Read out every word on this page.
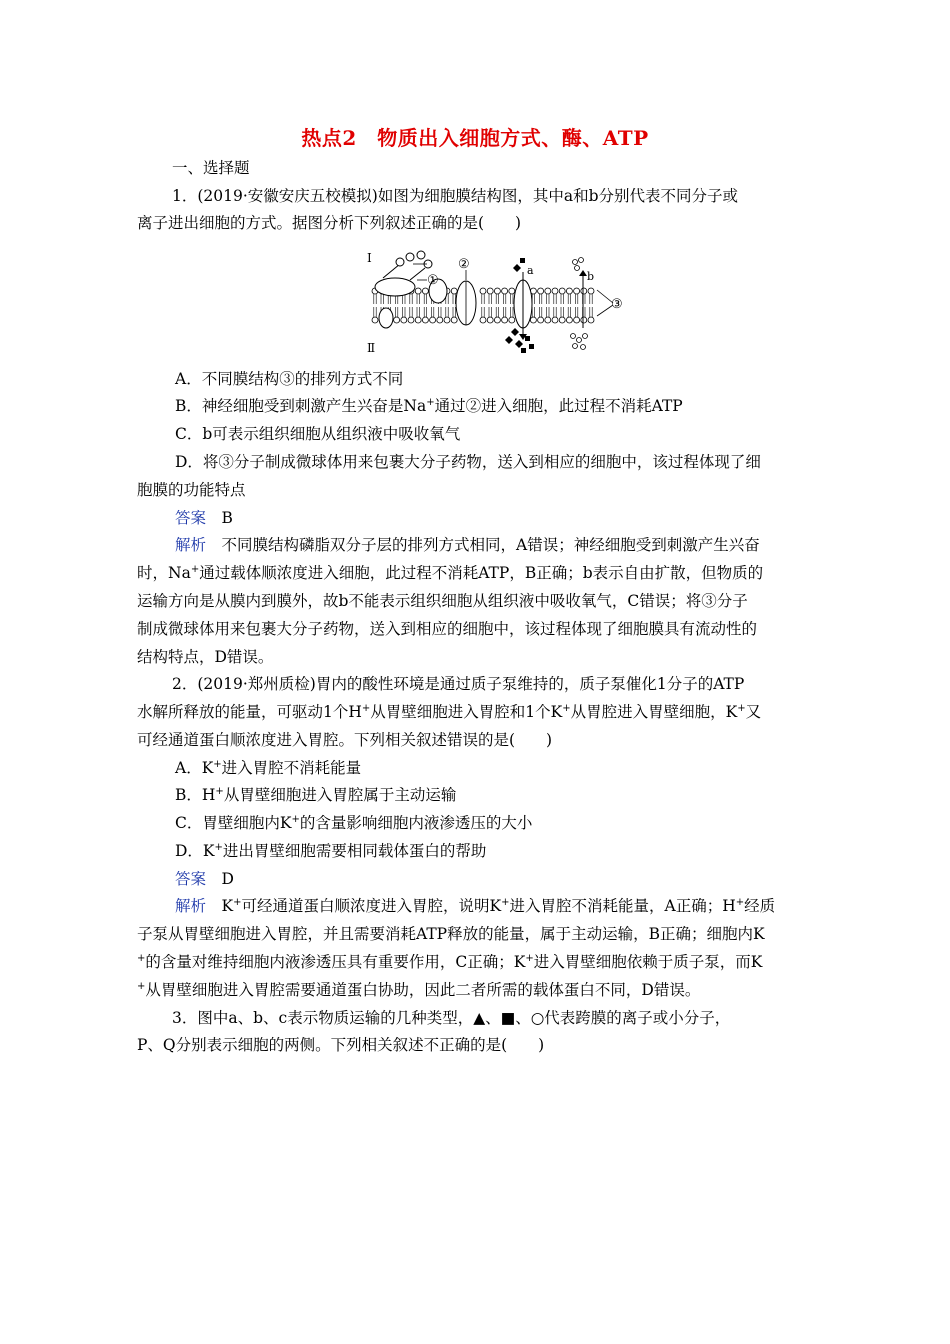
热点2　物质出入细胞方式、酶、ATP
一、选择题
1．(2019·安徽安庆五校模拟)如图为细胞膜结构图，其中a和b分别代表不同分子或
离子进出细胞的方式。据图分析下列叙述正确的是(　　)
Ⅰ
Ⅱ
①
②
③
a	b
A．不同膜结构③的排列方式不同
B．神经细胞受到刺激产生兴奋是Na+通过②进入细胞，此过程不消耗ATP
C．b可表示组织细胞从组织液中吸收氧气
D．将③分子制成微球体用来包裹大分子药物，送入到相应的细胞中，该过程体现了细
胞膜的功能特点
答案　 B
解析　 不同膜结构磷脂双分子层的排列方式相同，A错误；神经细胞受到刺激产生兴奋
时，Na+通过载体顺浓度进入细胞，此过程不消耗ATP，B正确；b表示自由扩散，但物质的
运输方向是从膜内到膜外，故b不能表示组织细胞从组织液中吸收氧气，C错误；将③分子
制成微球体用来包裹大分子药物，送入到相应的细胞中，该过程体现了细胞膜具有流动性的
结构特点，D错误。
2．(2019·郑州质检)胃内的酸性环境是通过质子泵维持的，质子泵催化1分子的ATP
水解所释放的能量，可驱动1个H+从胃壁细胞进入胃腔和1个K+从胃腔进入胃壁细胞，K+又
可经通道蛋白顺浓度进入胃腔。下列相关叙述错误的是(　　)
A．K+进入胃腔不消耗能量
B．H+从胃壁细胞进入胃腔属于主动运输
C．胃壁细胞内K+的含量影响细胞内液渗透压的大小
D．K+进出胃壁细胞需要相同载体蛋白的帮助
答案　 D
解析　 K+可经通道蛋白顺浓度进入胃腔，说明K+进入胃腔不消耗能量，A正确；H+经质
子泵从胃壁细胞进入胃腔，并且需要消耗ATP释放的能量，属于主动运输，B正确；细胞内K
+的含量对维持细胞内液渗透压具有重要作用，C正确；K+进入胃壁细胞依赖于质子泵，而K
+从胃壁细胞进入胃腔需要通道蛋白协助，因此二者所需的载体蛋白不同，D错误。
3．图中a、b、c表示物质运输的几种类型，▲、■、○代表跨膜的离子或小分子，
P、Q分别表示细胞的两侧。下列相关叙述不正确的是(　　)
